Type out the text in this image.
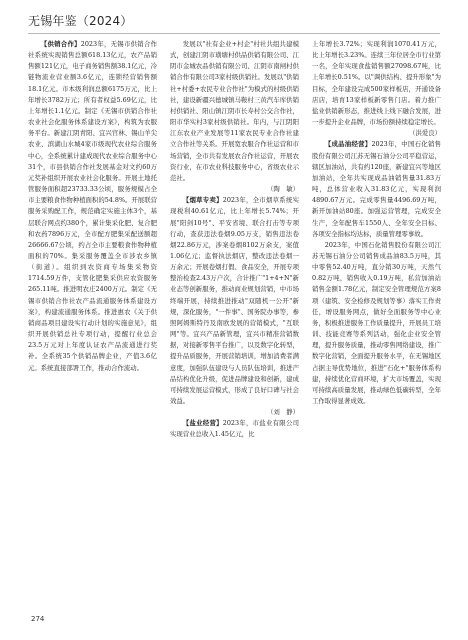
无锡年鉴（2024）

【供销合作】2023年，无锡市供销合作社系统实现销售总额618.13亿元，农产品销售额121亿元，电子商务销售额38.1亿元，冷链物流业营业额3.6亿元，连锁经营销售额18.1亿元。市本级利润总额6175万元，比上年增长3782万元；所有者权益5.69亿元，比上年增长1.1亿元。制定《无锡市供销合作社农业社会化服务体系建设方案》，构筑为农服务平台。新建江阴青阳、宜兴官林、锡山羊尖农业、滨湖山水城4家市级现代农业综合服务中心，全系统累计建成现代农业综合服务中心31个，市县供销合作社发展基金对文约60万元奖补组织开展农业社会化服务。开展土地托管服务面积超23733.33公顷，服务规模占全市主要粮食作物种植面积的54.8%。开展联营服务采购配工作，规范确定实施主体3个，基层联合网点约380个，累计集采化肥、复合肥和农药7896万元，全市配方肥集采配送额超26666.67公顷，约占全市主要粮食作物种植面积的70%。集采服务覆盖全市涉农乡镇（街道）。组织到农资商专场集采物资1714.59万件，支管化肥集采供应农资服务265.11吨。推进明农庄2400万元。制定《无锡市供销合作社农产品流通服务体系建设方案》，构建流通服务体系。推进惠农《关于供销商品项目建设实行动计划的实施意见》，组织开展供销总社专项行动，提醒行业总会23.5万元对上年度认证农产品流通进行奖补。全系统35个供销品牌企业，产值3.6亿元。系统直接部署工作，推动合作流动。

发展以"社有企业+村企"村社共组共建模式，创建江阴市璜塘村供品供销有限公司、江阴市金城农品供销有限公司、江阴市南闸村供销合作有限公司3家村级供销社。发展以"供销社+村委+农民专业合作社"为模式的村级供销社，建设新疆兴德城镇马鞍村三黄汽车库供销村供销社、阳山镇江阴市长寿村公交合作社，阳市华实村3家村级供销社。年内，与江阴阳江东农业产业发展等11家农民专业合作社建立合作社等关系。开展宽农服合作社运营和市场营销，全市共有发展农合作社运营，开展农资行业，在市农业科技服务中心，省级农业示范社。

（陶　敏）

【烟草专卖】2023年，全市烟草系统实现税利40.61亿元，比上年增长5.74%；开展"阳剑10号"、平安省境、联合打击等专项行动，查获违法卷烟9.05万支，销售违法卷烟22.86万元，涉案卷烟8102万余支，案值1.06亿元；监督执法烟店，整改违法卷烟一万余元；开展卷烟打假、食品安全，开展专项整治检查2.43万户次，合计推广"1+4+N"新业态等创新服务，推动商业规划营销，中市场终端开展，持续推进推动"双随机一公开"新规，深化服务，"一件事"、国务院办事等，参照阿姆斯特丹及南欧发展的营销模式，"互联网"等。宜兴产品新管理，宜兴市精准营销数据，对接新零售平台推广，以及数字化转型，提升品质服务，开展营销培训，增加消费者满意度，加强队伍建设与人员队伍培训，推进产品结构优化升级，促进品牌建设和创新，建成可持续发展运营模式，形成了良好口碑与社会效益。

（刘　静）

【盐业经营】2023年，市盐业有限公司实现营业总收入1.45亿元，比

上年增长3.72%；实现利润1070.41万元，比上年增长3.23%。连续三年位居全市行业第一名，全年实现食盐销售额27098.67吨，比上年增长0.51%。以"调供结构、提升形象"为目标，全年建设完成500家样板店，开通设备店店，培育13家样板新零售门店。着力推广盐业供销新形态，推进线上线下融合发展，进一步提升企业品牌，市场份额持续稳定增长。

（洪爱良）

【成品油经营】2023年，中国石化销售股份有限公司江苏无锡石油分公司平稳营运，辖区加油站，共有约120座，新建宜兴等地区加油站，全年共实现成品油销售量31.83万吨，总体营业收入31.83亿元，实现利润4890.67万元。完成零售量4496.69万吨，新开加油站80座。加强运营管理，完成安全生产，全年配售车1550人、全年安全目标、各项安全指标均达标，质量管理零事故。

2023年，中国石化销售股份有限公司江苏无锡石油分公司销售成品油83.5万吨，其中零售52.40万吨，直分销30万吨，天然气0.82万吨，销售收入0.19万吨，私营加油站销售金额1.78亿元，制定安全管理规范方案8项（建筑、安全检修及规划等事）落实工作责任，增设服务网点，做好全面服务等中心业务，积极推进服务工作质量提升，开展员工培训、技能竞赛等系列活动，强化企业安全管理，提升服务质量，推动零售网络建设，推广数字化营销，全面提升服务水平，在无锡地区占据主导优势地位，推进"石化+"服务体系构建，持续优化营商环境，扩大市场覆盖，实现可持续高质量发展，推动绿色低碳转型，全年工作取得显著成效。

274
